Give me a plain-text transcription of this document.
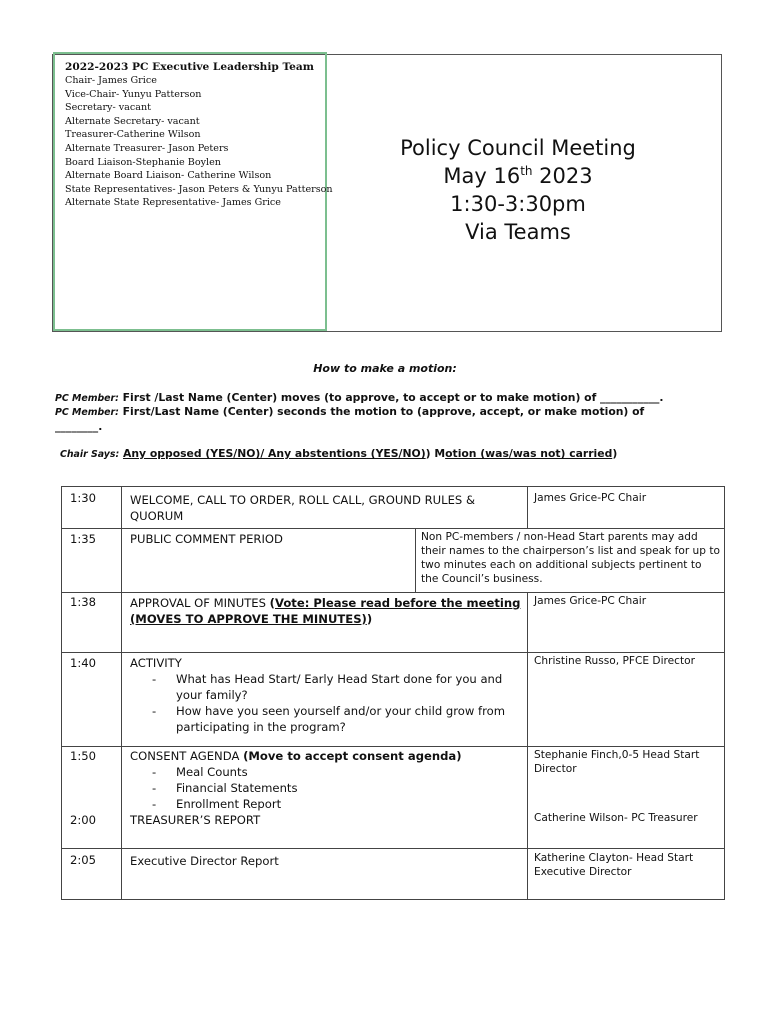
2022-2023 PC Executive Leadership Team
Chair- James Grice
Vice-Chair- Yunyu Patterson
Secretary- vacant
Alternate Secretary- vacant
Treasurer-Catherine Wilson
Alternate Treasurer- Jason Peters
Board Liaison-Stephanie Boylen
Alternate Board Liaison- Catherine Wilson
State Representatives- Jason Peters & Yunyu Patterson
Alternate State Representative- James Grice
Policy Council Meeting
May 16th 2023
1:30-3:30pm
Via Teams
How to make a motion:
PC Member: First /Last Name (Center) moves (to approve, to accept or to make motion) of ___________.
PC Member: First/Last Name (Center) seconds the motion to (approve, accept, or make motion) of
________.
Chair Says: Any opposed (YES/NO)/ Any abstentions (YES/NO)) Motion (was/was not) carried)
1:30	WELCOME, CALL TO ORDER, ROLL CALL, GROUND RULES & QUORUM
James Grice-PC Chair
1:35	PUBLIC COMMENT PERIOD	Non PC-members / non-Head Start parents may add their names to the chairperson’s list and speak for up to two minutes each on additional subjects pertinent to the Council’s business.
1:38	APPROVAL OF MINUTES (Vote: Please read before the meeting (MOVES TO APPROVE THE MINUTES))
James Grice-PC Chair
1:40	ACTIVITY
- What has Head Start/ Early Head Start done for you and your family?
- How have you seen yourself and/or your child grow from participating in the program?
Christine Russo, PFCE Director
1:50	CONSENT AGENDA (Move to accept consent agenda)
- Meal Counts
- Financial Statements
- Enrollment Report
Stephanie Finch,0-5 Head Start Director
2:00	TREASURER’S REPORT	Catherine Wilson- PC Treasurer
2:05	Executive Director Report	Katherine Clayton- Head Start Executive Director
